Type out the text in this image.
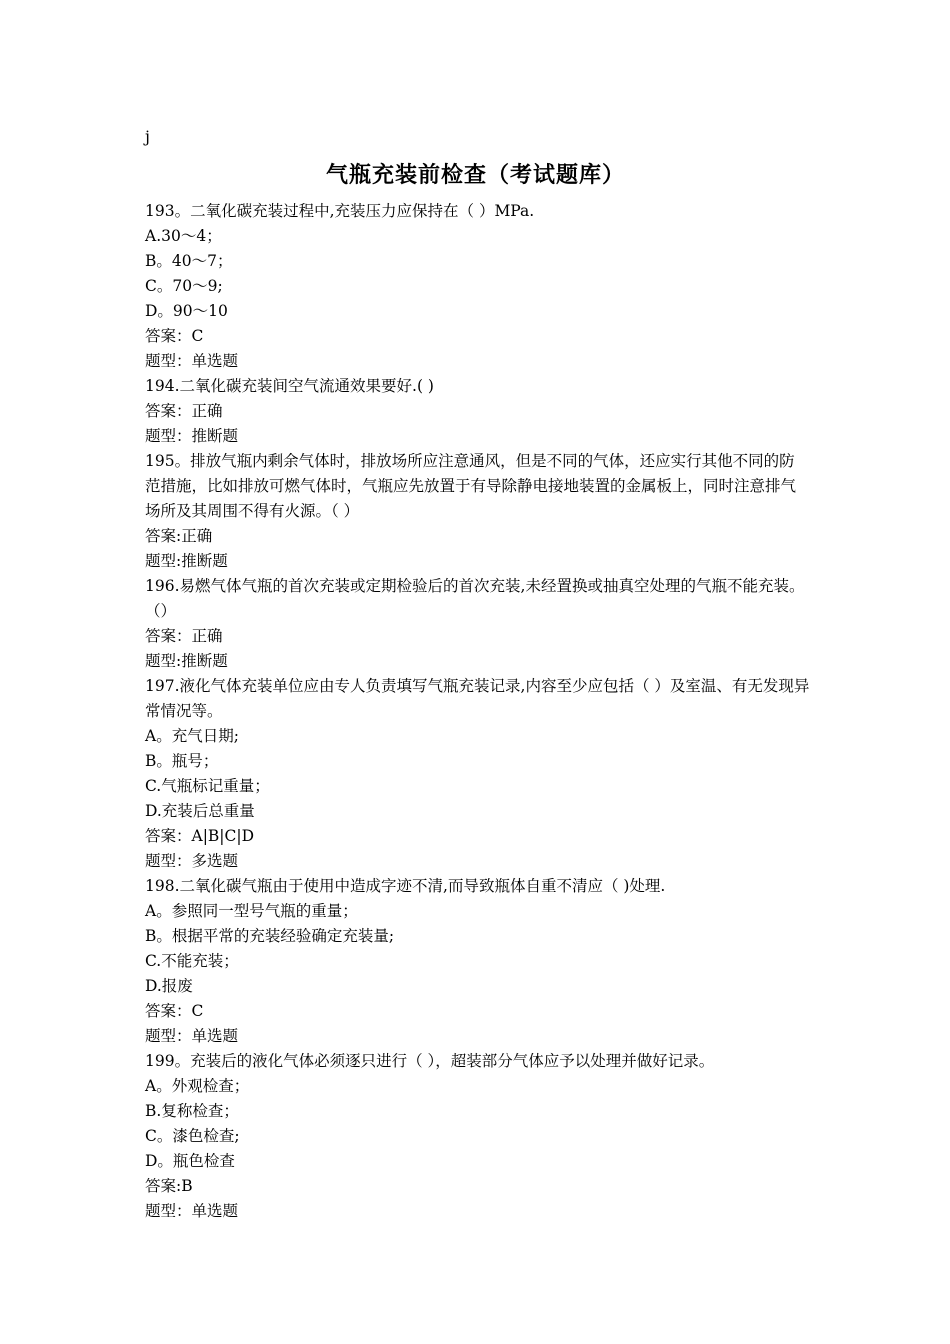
j
气瓶充装前检查（考试题库）
193。二氧化碳充装过程中,充装压力应保持在（ ）MPa.
A.30～4；
B。40～7；
C。70～9;
D。90～10
答案：C
题型：单选题
194.二氧化碳充装间空气流通效果要好.( )
答案：正确
题型：推断题
195。排放气瓶内剩余气体时，排放场所应注意通风，但是不同的气体，还应实行其他不同的防范措施，比如排放可燃气体时，气瓶应先放置于有导除静电接地装置的金属板上，同时注意排气场所及其周围不得有火源。（ ）
答案:正确
题型:推断题
196.易燃气体气瓶的首次充装或定期检验后的首次充装,未经置换或抽真空处理的气瓶不能充装。（）
答案：正确
题型:推断题
197.液化气体充装单位应由专人负责填写气瓶充装记录,内容至少应包括（ ）及室温、有无发现异常情况等。
A。充气日期;
B。瓶号；
C.气瓶标记重量；
D.充装后总重量
答案：A|B|C|D
题型：多选题
198.二氧化碳气瓶由于使用中造成字迹不清,而导致瓶体自重不清应（ )处理.
A。参照同一型号气瓶的重量；
B。根据平常的充装经验确定充装量;
C.不能充装；
D.报废
答案：C
题型：单选题
199。充装后的液化气体必须逐只进行（ ），超装部分气体应予以处理并做好记录。
A。外观检查；
B.复称检查；
C。漆色检查;
D。瓶色检查
答案:B
题型：单选题
